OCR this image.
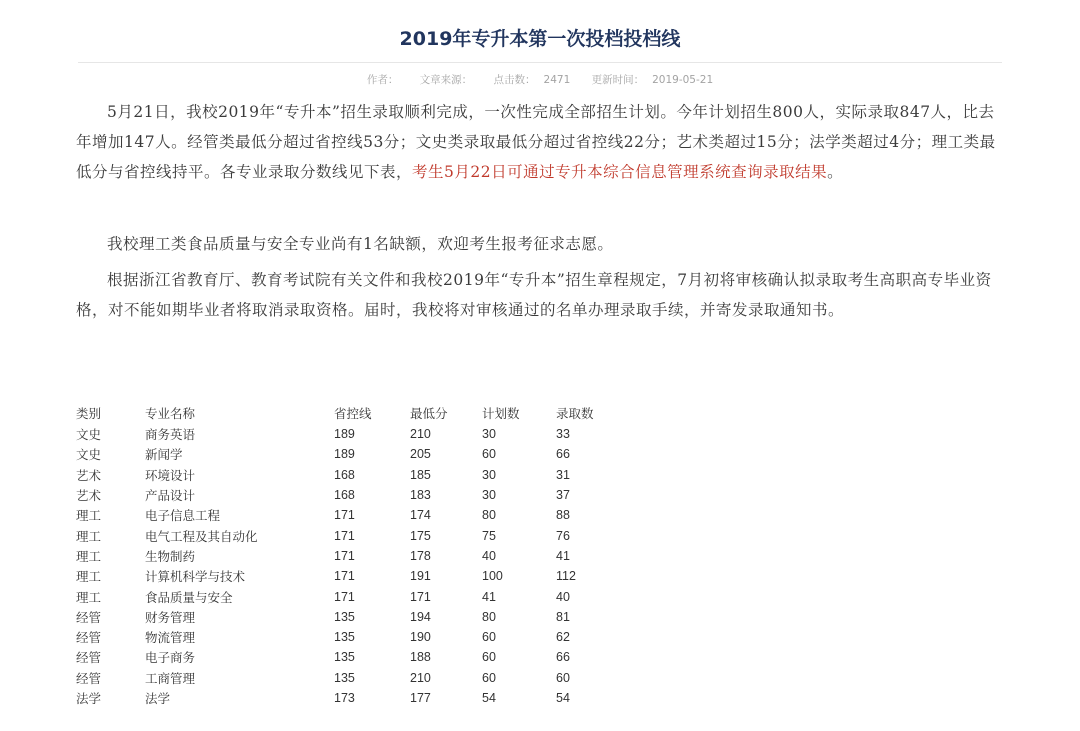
2019年专升本第一次投档投档线
作者： 文章来源： 点击数： 2471 更新时间： 2019-05-21

5月21日，我校2019年“专升本”招生录取顺利完成，一次性完成全部招生计划。今年计划招生800人，实际录取847人，比去年增加147人。经管类最低分超过省控线53分；文史类录取最低分超过省控线22分；艺术类超过15分；法学类超过4分；理工类最低分与省控线持平。各专业录取分数线见下表，考生5月22日可通过专升本综合信息管理系统查询录取结果。

我校理工类食品质量与安全专业尚有1名缺额，欢迎考生报考征求志愿。

根据浙江省教育厅、教育考试院有关文件和我校2019年“专升本”招生章程规定，7月初将审核确认拟录取考生高职高专毕业资格，对不能如期毕业者将取消录取资格。届时，我校将对审核通过的名单办理录取手续，并寄发录取通知书。

类别	专业名称	省控线	最低分	计划数	录取数
文史	商务英语	189	210	30	33
文史	新闻学	189	205	60	66
艺术	环境设计	168	185	30	31
艺术	产品设计	168	183	30	37
理工	电子信息工程	171	174	80	88
理工	电气工程及其自动化	171	175	75	76
理工	生物制药	171	178	40	41
理工	计算机科学与技术	171	191	100	112
理工	食品质量与安全	171	171	41	40
经管	财务管理	135	194	80	81
经管	物流管理	135	190	60	62
经管	电子商务	135	188	60	66
经管	工商管理	135	210	60	60
法学	法学	173	177	54	54
